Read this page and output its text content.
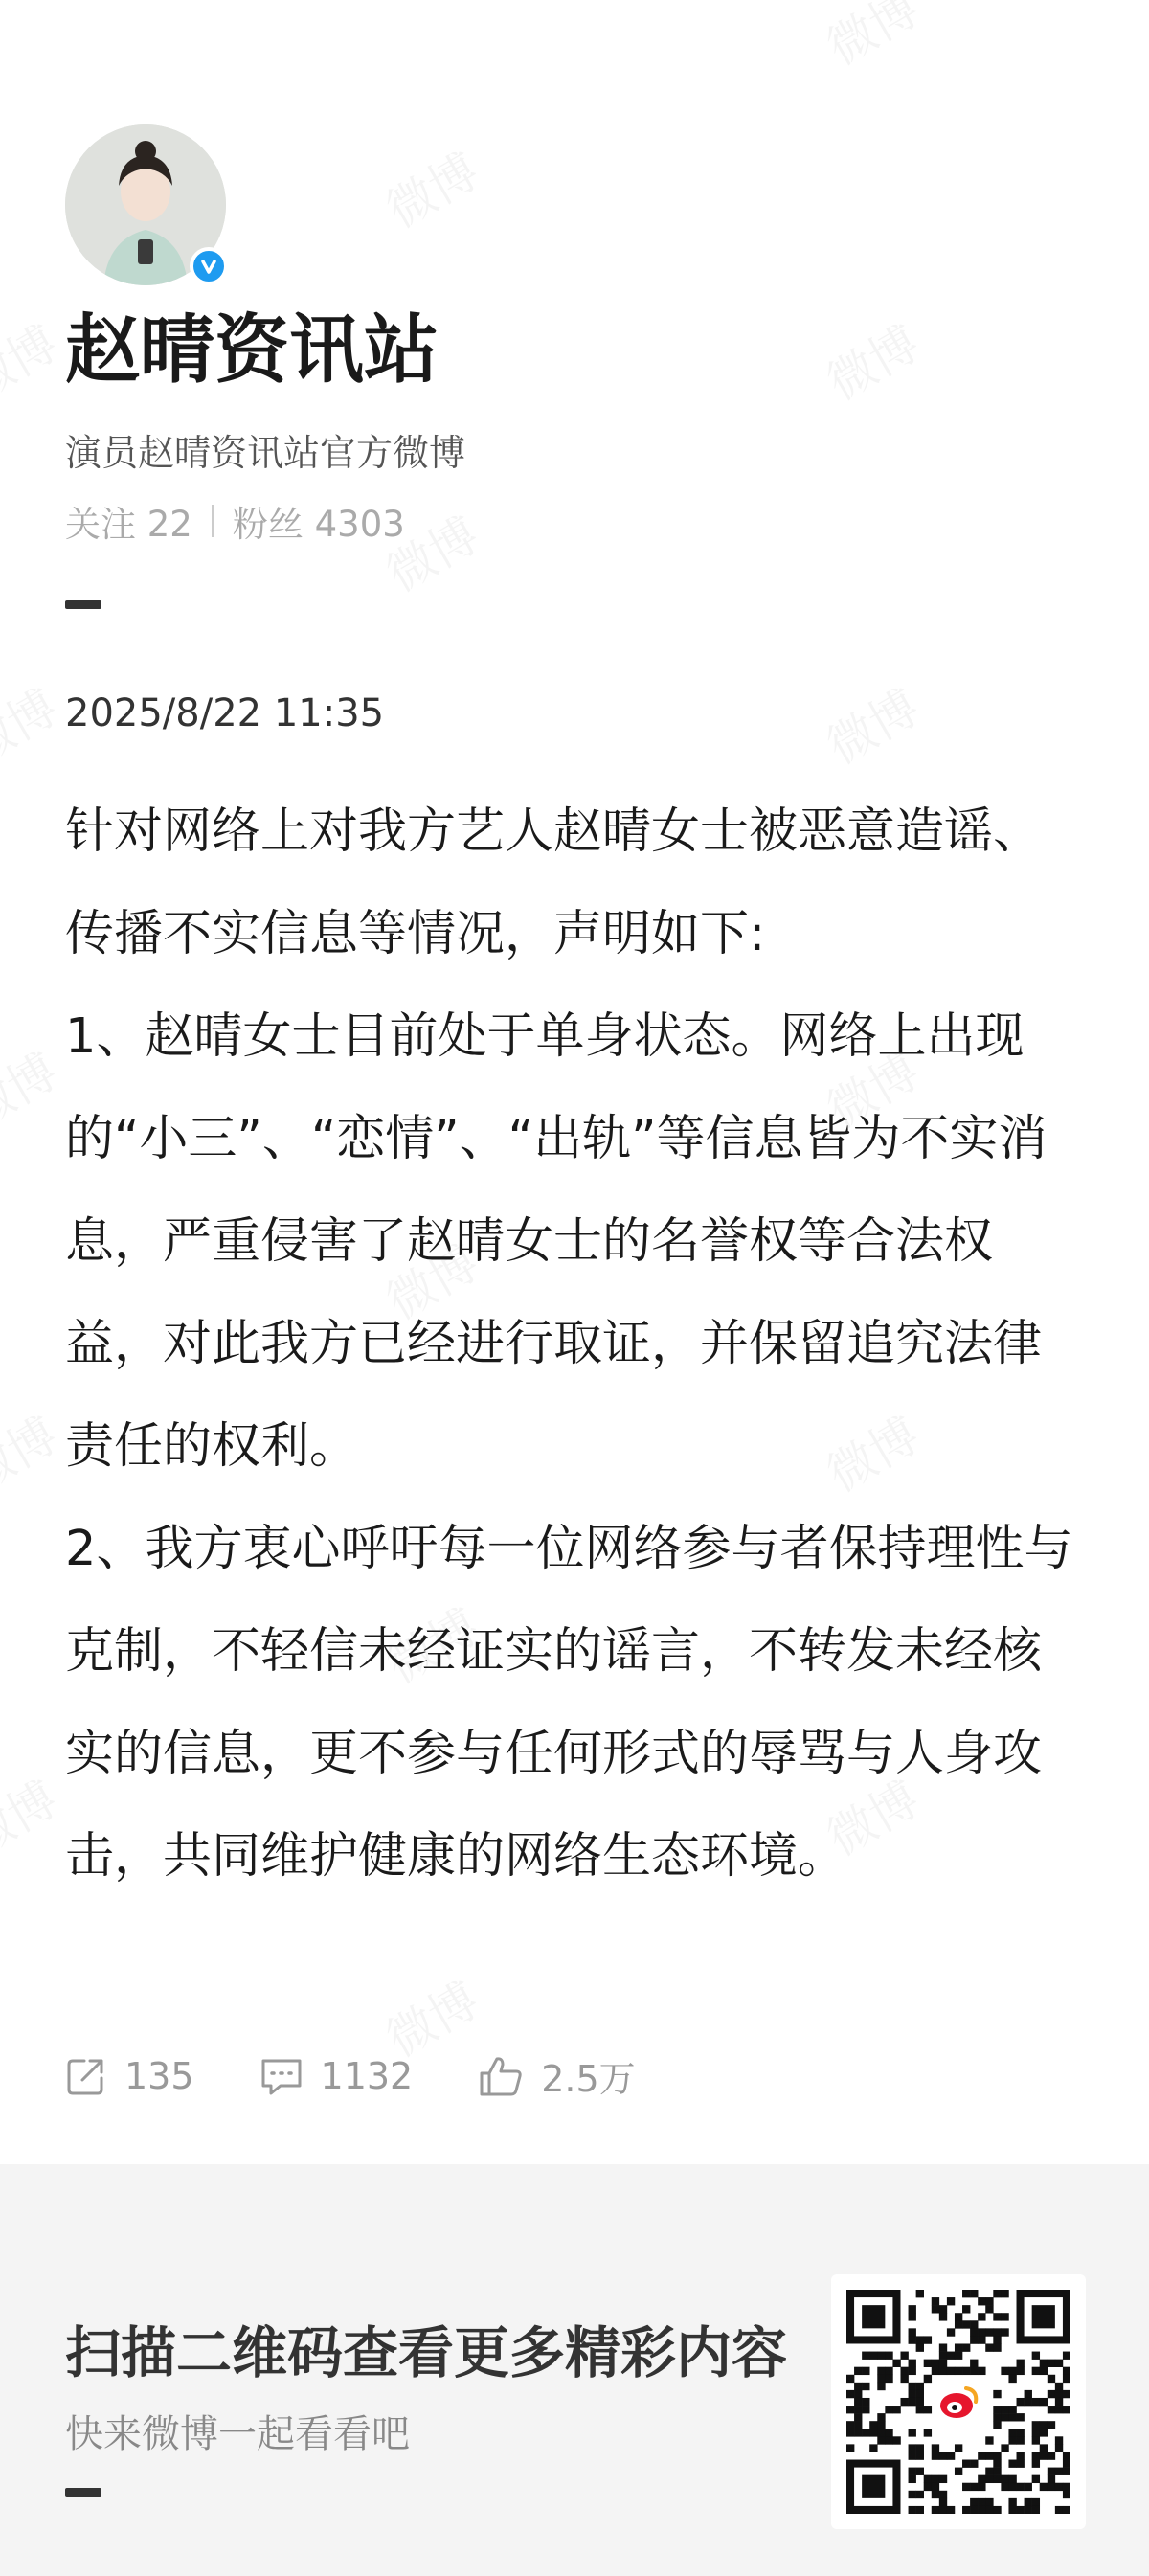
赵晴资讯站
演员赵晴资讯站官方微博
关注 22 粉丝 4303
2025/8/22 11:35

针对网络上对我方艺人赵晴女士被恶意造谣、传播不实信息等情况，声明如下:

1、赵晴女士目前处于单身状态。网络上出现的“小三”、“恋情”、“出轨”等信息皆为不实消息，严重侵害了赵晴女士的名誉权等合法权益，对此我方已经进行取证，并保留追究法律责任的权利。

2、我方衷心呼吁每一位网络参与者保持理性与克制，不轻信未经证实的谣言，不转发未经核实的信息，更不参与任何形式的辱骂与人身攻击，共同维护健康的网络生态环境。

135	1132	2.5万
扫描二维码查看更多精彩内容
快来微博一起看看吧
